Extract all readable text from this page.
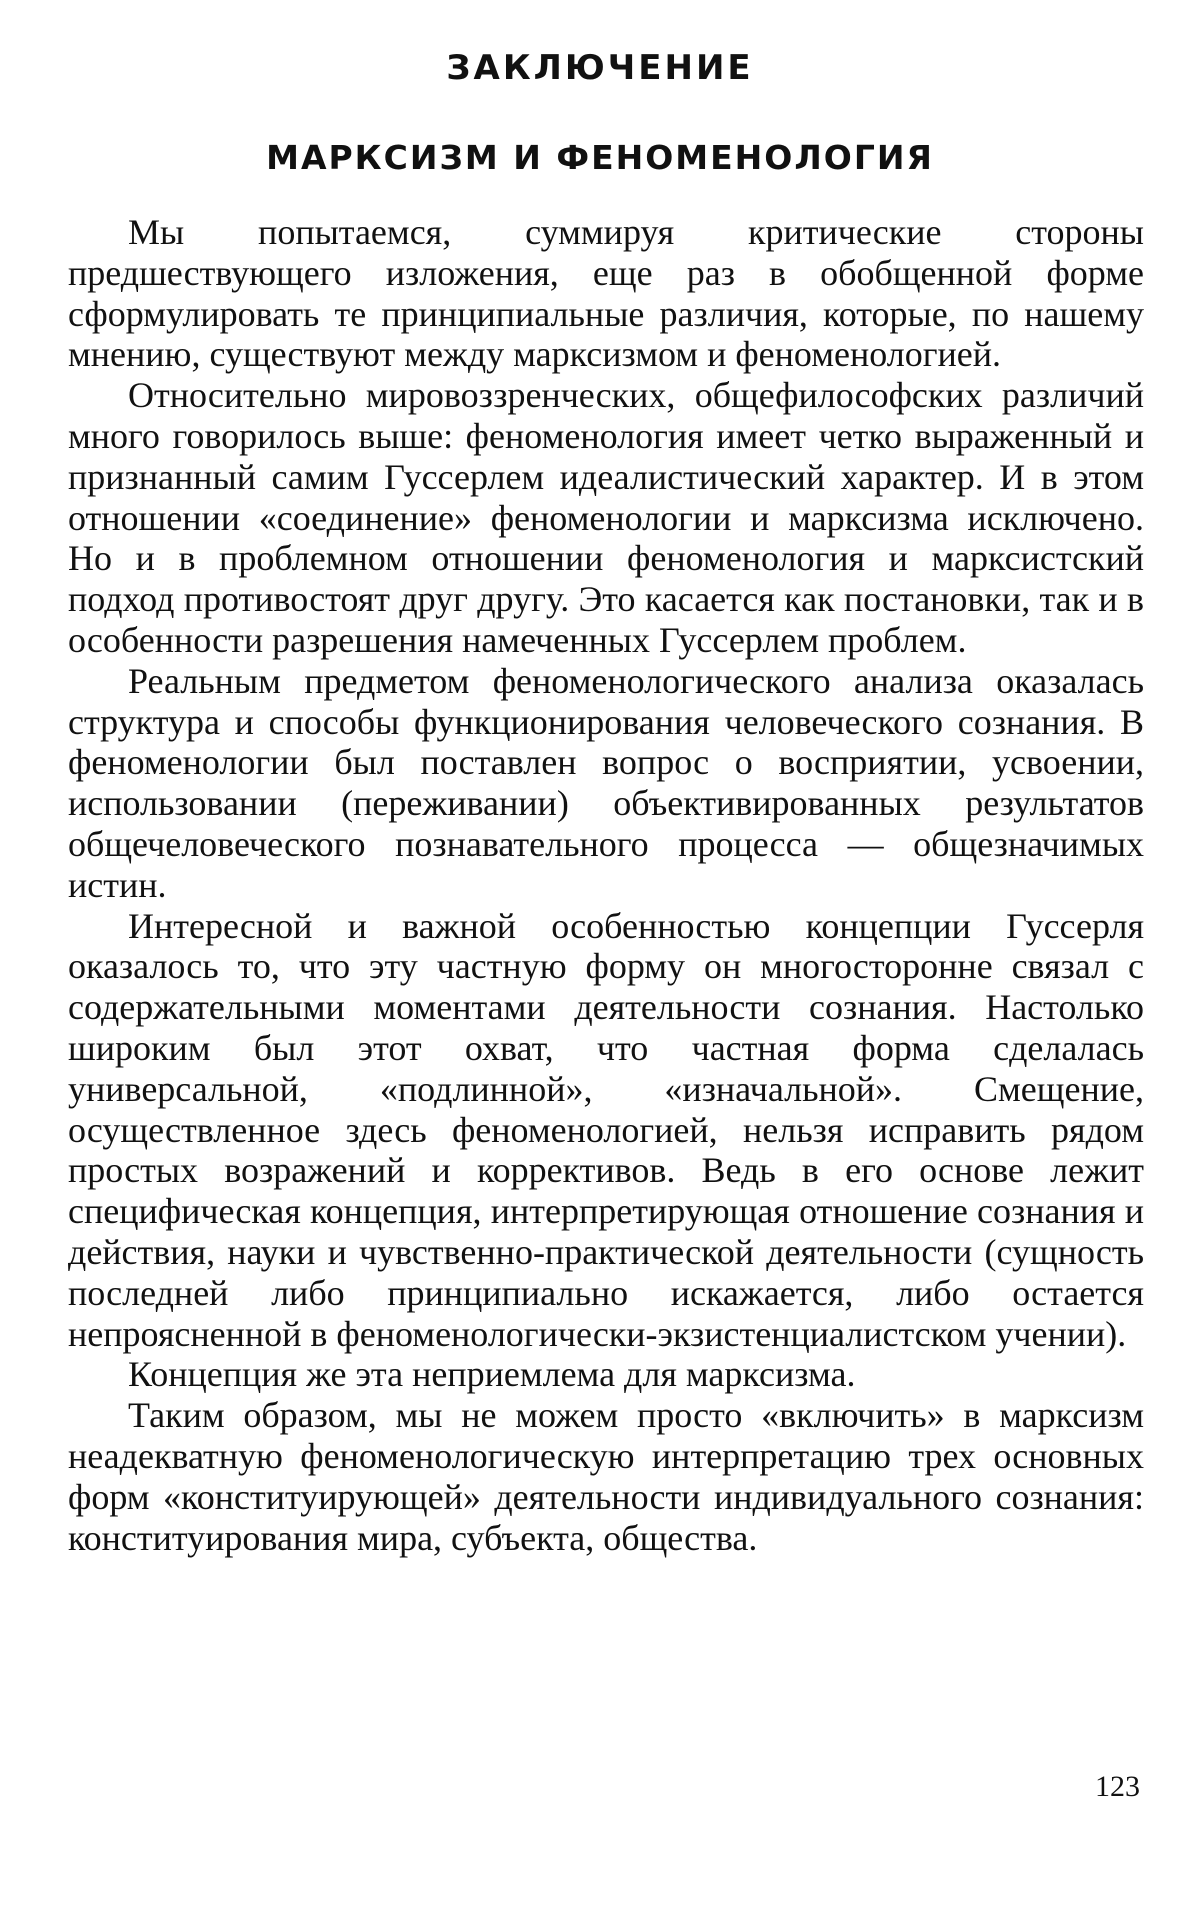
ЗАКЛЮЧЕНИЕ
МАРКСИЗМ И ФЕНОМЕНОЛОГИЯ

Мы попытаемся, суммируя критические стороны предшествующего изложения, еще раз в обобщенной форме сформулировать те принципиальные различия, которые, по нашему мнению, существуют между марксизмом и феноменологией.

Относительно мировоззренческих, общефилософских различий много говорилось выше: феноменология имеет четко выраженный и признанный самим Гуссерлем идеалистический характер. И в этом отношении «соединение» феноменологии и марксизма исключено. Но и в проблемном отношении феноменология и марксистский подход противостоят друг другу. Это касается как постановки, так и в особенности разрешения намеченных Гуссерлем проблем.

Реальным предметом феноменологического анализа оказалась структура и способы функционирования человеческого сознания. В феноменологии был поставлен вопрос о восприятии, усвоении, использовании (переживании) объективированных результатов общечеловеческого познавательного процесса — общезначимых истин.

Интересной и важной особенностью концепции Гуссерля оказалось то, что эту частную форму он многосторонне связал с содержательными моментами деятельности сознания. Настолько широким был этот охват, что частная форма сделалась универсальной, «подлинной», «изначальной». Смещение, осуществленное здесь феноменологией, нельзя исправить рядом простых возражений и коррективов. Ведь в его основе лежит специфическая концепция, интерпретирующая отношение сознания и действия, науки и чувственно-практической деятельности (сущность последней либо принципиально искажается, либо остается непроясненной в феноменологически-экзистенциалистском учении).

Концепция же эта неприемлема для марксизма.

Таким образом, мы не можем просто «включить» в марксизм неадекватную феноменологическую интерпретацию трех основных форм «конституирующей» деятельности индивидуального сознания: конституирования мира, субъекта, общества.

123
